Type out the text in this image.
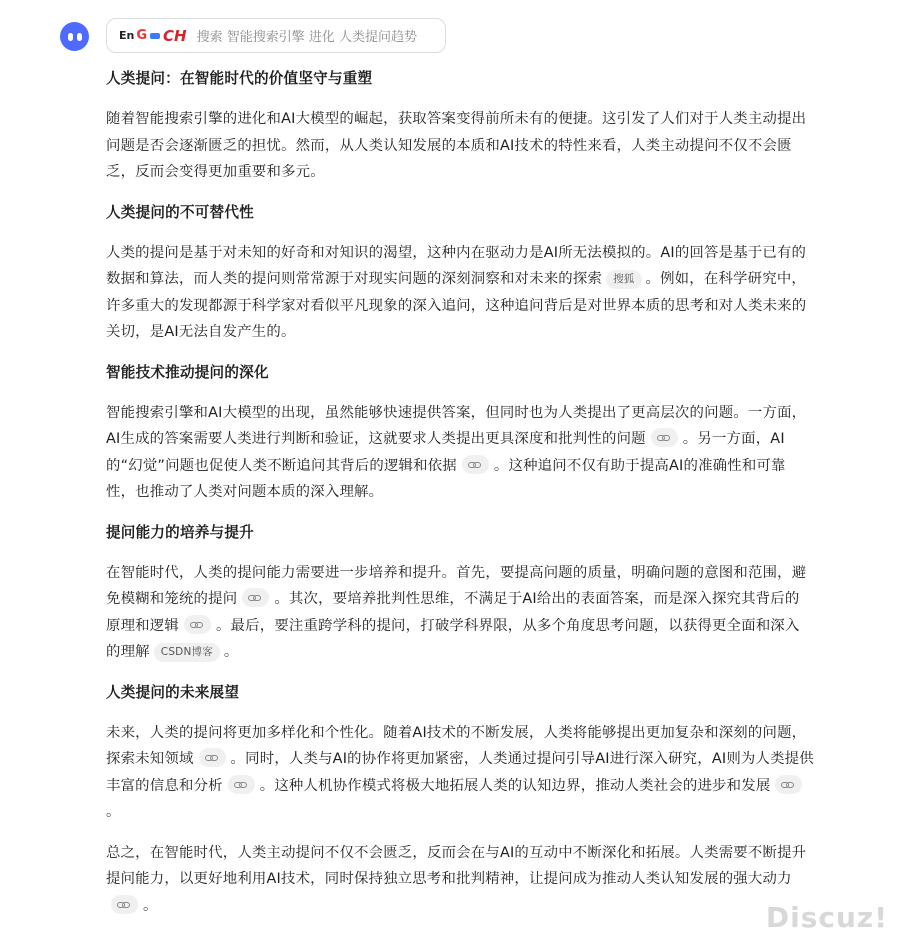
En G CH 搜索 智能搜索引擎 进化 人类提问趋势
人类提问：在智能时代的价值坚守与重塑

随着智能搜索引擎的进化和AI大模型的崛起，获取答案变得前所未有的便捷。这引发了人们对于人类主动提出问题是否会逐渐匮乏的担忧。然而，从人类认知发展的本质和AI技术的特性来看，人类主动提问不仅不会匮乏，反而会变得更加重要和多元。

人类提问的不可替代性

人类的提问是基于对未知的好奇和对知识的渴望，这种内在驱动力是AI所无法模拟的。AI的回答是基于已有的数据和算法，而人类的提问则常常源于对现实问题的深刻洞察和对未来的探索 搜狐 。例如，在科学研究中，许多重大的发现都源于科学家对看似平凡现象的深入追问，这种追问背后是对世界本质的思考和对人类未来的关切，是AI无法自发产生的。

智能技术推动提问的深化

智能搜索引擎和AI大模型的出现，虽然能够快速提供答案，但同时也为人类提出了更高层次的问题。一方面，AI生成的答案需要人类进行判断和验证，这就要求人类提出更具深度和批判性的问题	。另一方面，AI的“幻觉”问题也促使人类不断追问其背后的逻辑和依据	。这种追问不仅有助于提高AI的准确性和可靠性，也推动了人类对问题本质的深入理解。

提问能力的培养与提升

在智能时代，人类的提问能力需要进一步培养和提升。首先，要提高问题的质量，明确问题的意图和范围，避免模糊和笼统的提问	。其次，要培养批判性思维，不满足于AI给出的表面答案，而是深入探究其背后的原理和逻辑	。最后，要注重跨学科的提问，打破学科界限，从多个角度思考问题，以获得更全面和深入的理解 CSDN博客 。

人类提问的未来展望

未来，人类的提问将更加多样化和个性化。随着AI技术的不断发展，人类将能够提出更加复杂和深刻的问题，探索未知领域	。同时，人类与AI的协作将更加紧密，人类通过提问引导AI进行深入研究，AI则为人类提供丰富的信息和分析	。这种人机协作模式将极大地拓展人类的认知边界，推动人类社会的进步和发展。

总之，在智能时代，人类主动提问不仅不会匮乏，反而会在与AI的互动中不断深化和拓展。人类需要不断提升提问能力，以更好地利用AI技术，同时保持独立思考和批判精神，让提问成为推动人类认知发展的强大动力。	Discuz!
